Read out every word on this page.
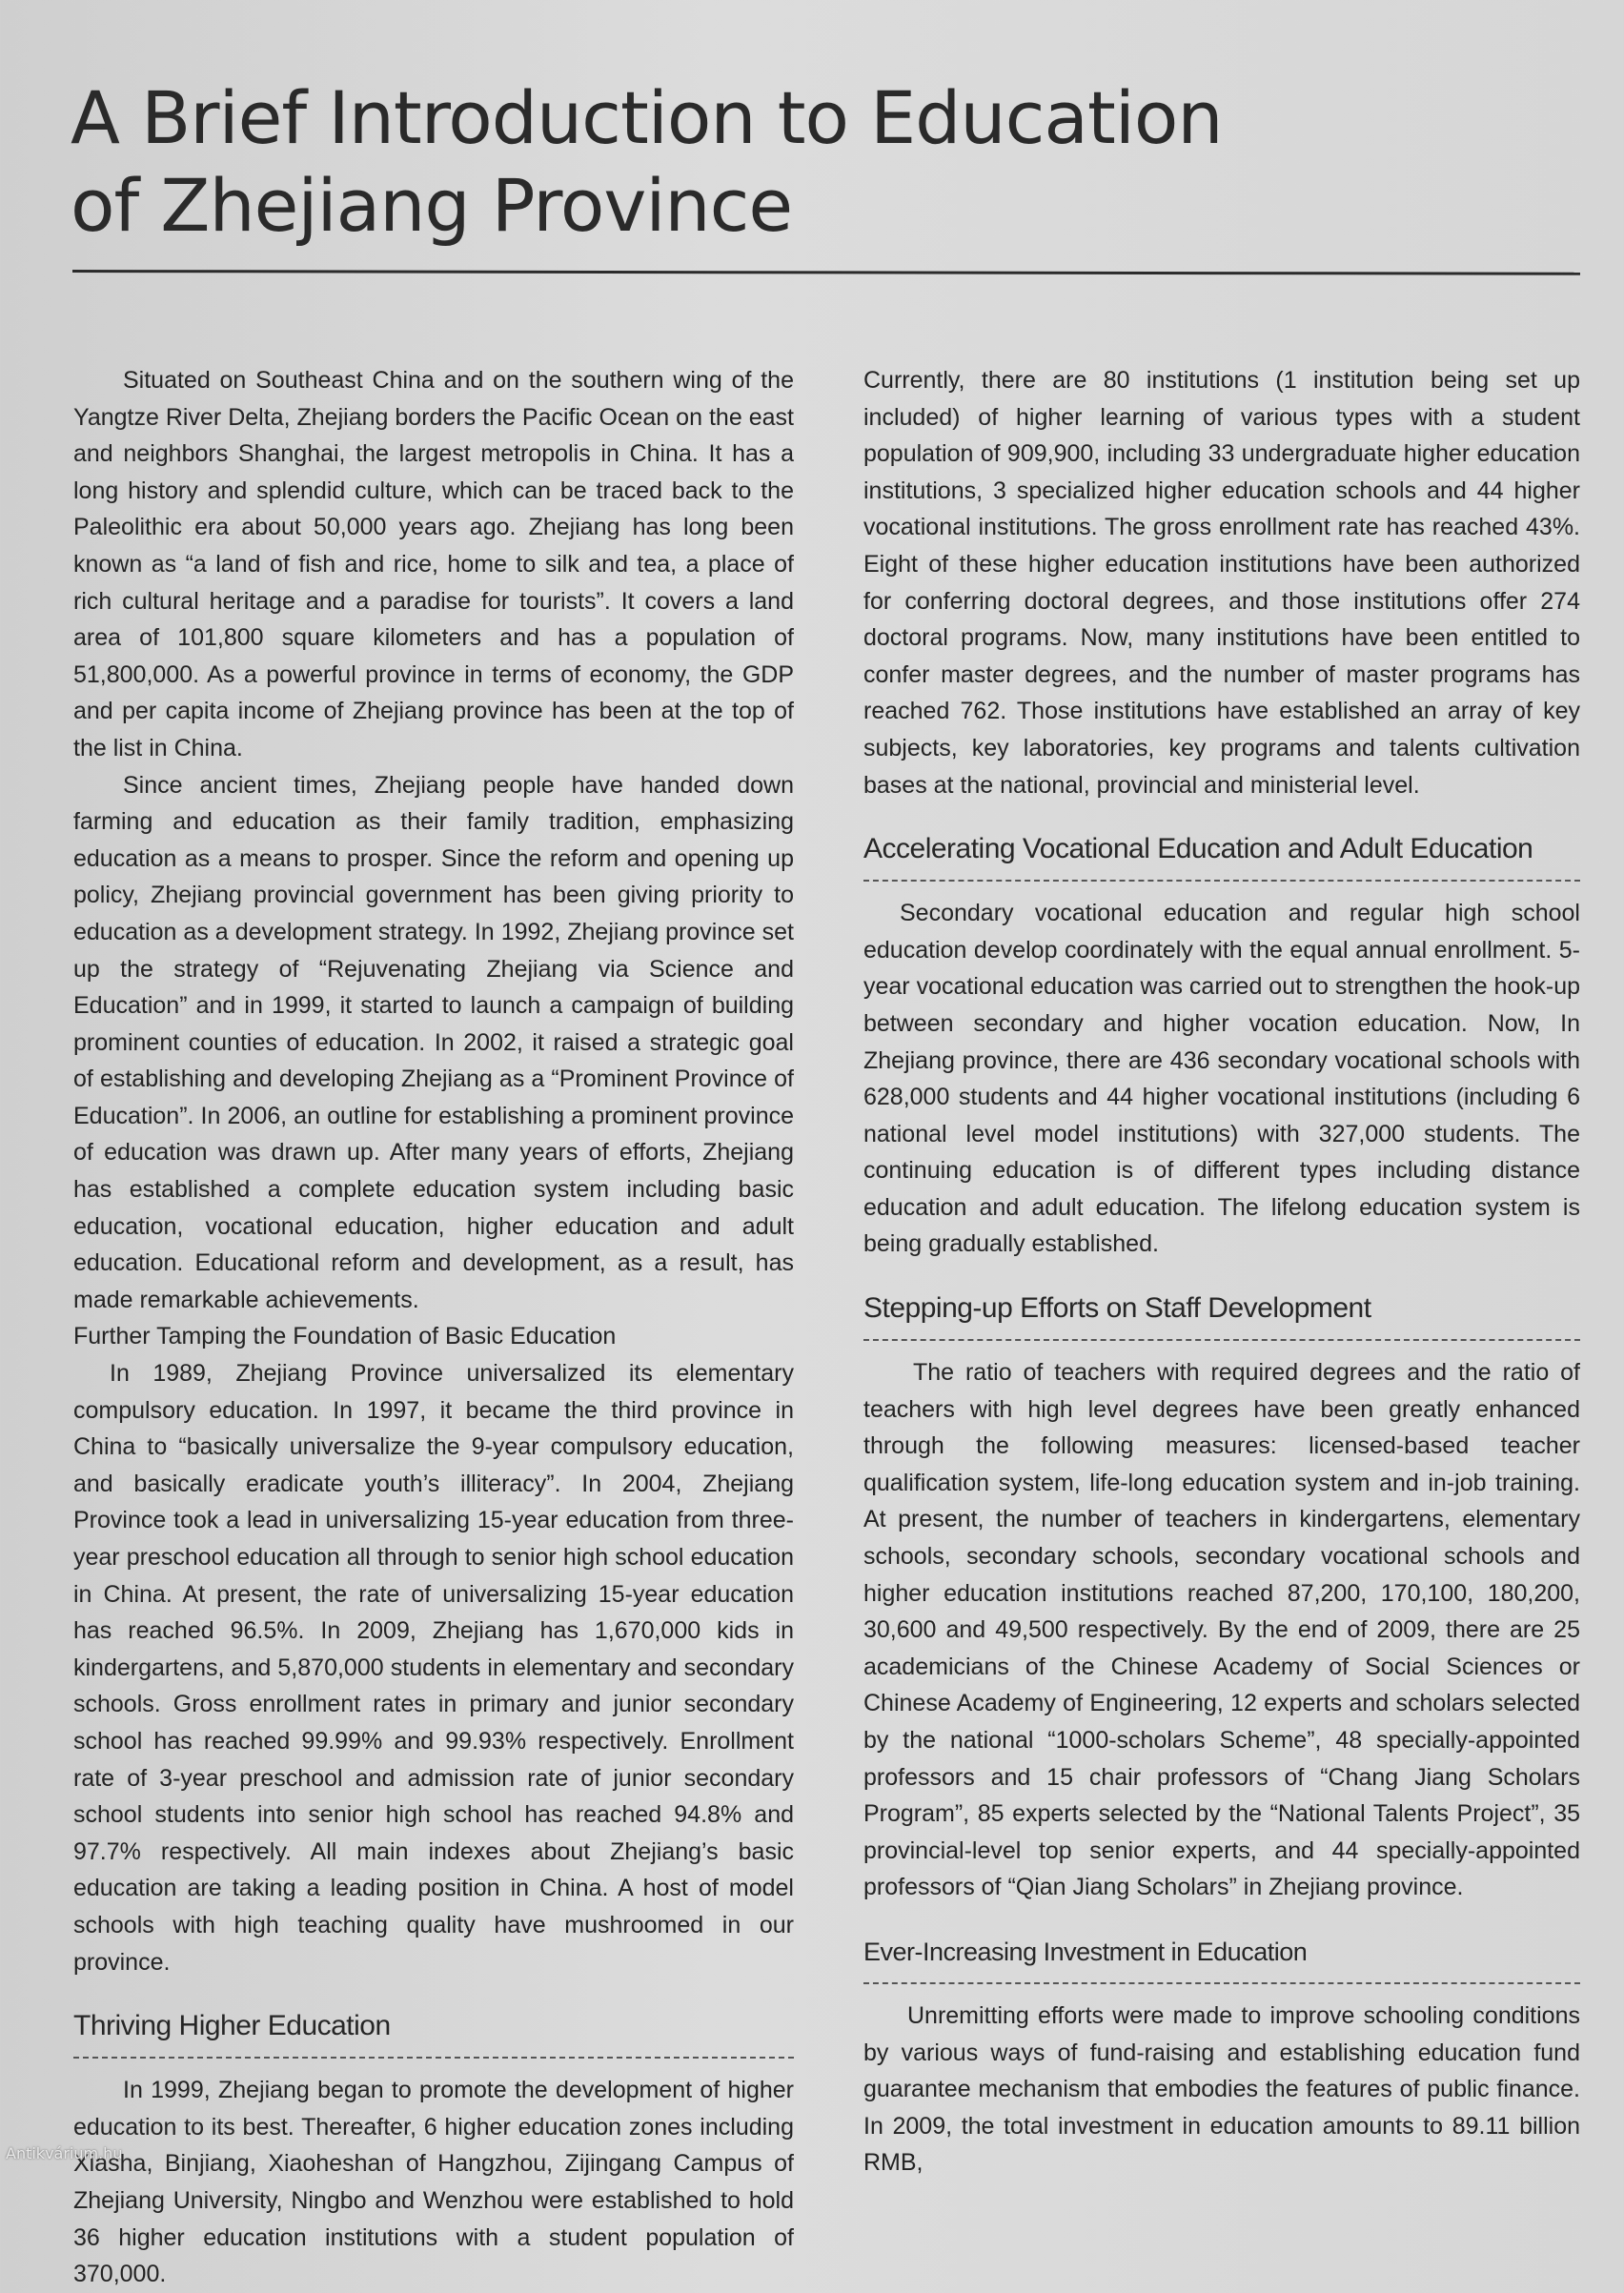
A Brief Introduction to Education
of Zhejiang Province

Situated on Southeast China and on the southern wing of the Yangtze River Delta, Zhejiang borders the Pacific Ocean on the east and neighbors Shanghai, the largest metropolis in China. It has a long history and splendid culture, which can be traced back to the Paleolithic era about 50,000 years ago. Zhejiang has long been known as “a land of fish and rice, home to silk and tea, a place of rich cultural heritage and a paradise for tourists”. It covers a land area of 101,800 square kilometers and has a population of 51,800,000. As a powerful province in terms of economy, the GDP and per capita income of Zhejiang province has been at the top of the list in China.

Since ancient times, Zhejiang people have handed down farming and education as their family tradition, emphasizing education as a means to prosper. Since the reform and opening up policy, Zhejiang provincial government has been giving priority to education as a development strategy. In 1992, Zhejiang province set up the strategy of “Rejuvenating Zhejiang via Science and Education” and in 1999, it started to launch a campaign of building prominent counties of education. In 2002, it raised a strategic goal of establishing and developing Zhejiang as a “Prominent Province of Education”. In 2006, an outline for establishing a prominent province of education was drawn up. After many years of efforts, Zhejiang has established a complete education system including basic education, vocational education, higher education and adult education. Educational reform and development, as a result, has made remarkable achievements.

Further Tamping the Foundation of Basic Education

In 1989, Zhejiang Province universalized its elementary compulsory education. In 1997, it became the third province in China to “basically universalize the 9-year compulsory education, and basically eradicate youth’s illiteracy”. In 2004, Zhejiang Province took a lead in universalizing 15-year education from three-year preschool education all through to senior high school education in China. At present, the rate of universalizing 15-year education has reached 96.5%. In 2009, Zhejiang has 1,670,000 kids in kindergartens, and 5,870,000 students in elementary and secondary schools. Gross enrollment rates in primary and junior secondary school has reached 99.99% and 99.93% respectively. Enrollment rate of 3-year preschool and admission rate of junior secondary school students into senior high school has reached 94.8% and 97.7% respectively. All main indexes about Zhejiang’s basic education are taking a leading position in China. A host of model schools with high teaching quality have mushroomed in our province.

Thriving Higher Education

In 1999, Zhejiang began to promote the development of higher education to its best. Thereafter, 6 higher education zones including Xiasha, Binjiang, Xiaoheshan of Hangzhou, Zijingang Campus of Zhejiang University, Ningbo and Wenzhou were established to hold 36 higher education institutions with a student population of 370,000.

Currently, there are 80 institutions (1 institution being set up included) of higher learning of various types with a student population of 909,900, including 33 undergraduate higher education institutions, 3 specialized higher education schools and 44 higher vocational institutions. The gross enrollment rate has reached 43%. Eight of these higher education institutions have been authorized for conferring doctoral degrees, and those institutions offer 274 doctoral programs. Now, many institutions have been entitled to confer master degrees, and the number of master programs has reached 762. Those institutions have established an array of key subjects, key laboratories, key programs and talents cultivation bases at the national, provincial and ministerial level.

Accelerating Vocational Education and Adult Education

Secondary vocational education and regular high school education develop coordinately with the equal annual enrollment. 5-year vocational education was carried out to strengthen the hook-up between secondary and higher vocation education. Now, In Zhejiang province, there are 436 secondary vocational schools with 628,000 students and 44 higher vocational institutions (including 6 national level model institutions) with 327,000 students. The continuing education is of different types including distance education and adult education. The lifelong education system is being gradually established.

Stepping-up Efforts on Staff Development

The ratio of teachers with required degrees and the ratio of teachers with high level degrees have been greatly enhanced through the following measures: licensed-based teacher qualification system, life-long education system and in-job training. At present, the number of teachers in kindergartens, elementary schools, secondary schools, secondary vocational schools and higher education institutions reached 87,200, 170,100, 180,200, 30,600 and 49,500 respectively. By the end of 2009, there are 25 academicians of the Chinese Academy of Social Sciences or Chinese Academy of Engineering, 12 experts and scholars selected by the national “1000-scholars Scheme”, 48 specially-appointed professors and 15 chair professors of “Chang Jiang Scholars Program”, 85 experts selected by the “National Talents Project”, 35 provincial-level top senior experts, and 44 specially-appointed professors of “Qian Jiang Scholars” in Zhejiang province.

Ever-Increasing Investment in Education

Unremitting efforts were made to improve schooling conditions by various ways of fund-raising and establishing education fund guarantee mechanism that embodies the features of public finance. In 2009, the total investment in education amounts to 89.11 billion RMB,

Antikvárium.hu
